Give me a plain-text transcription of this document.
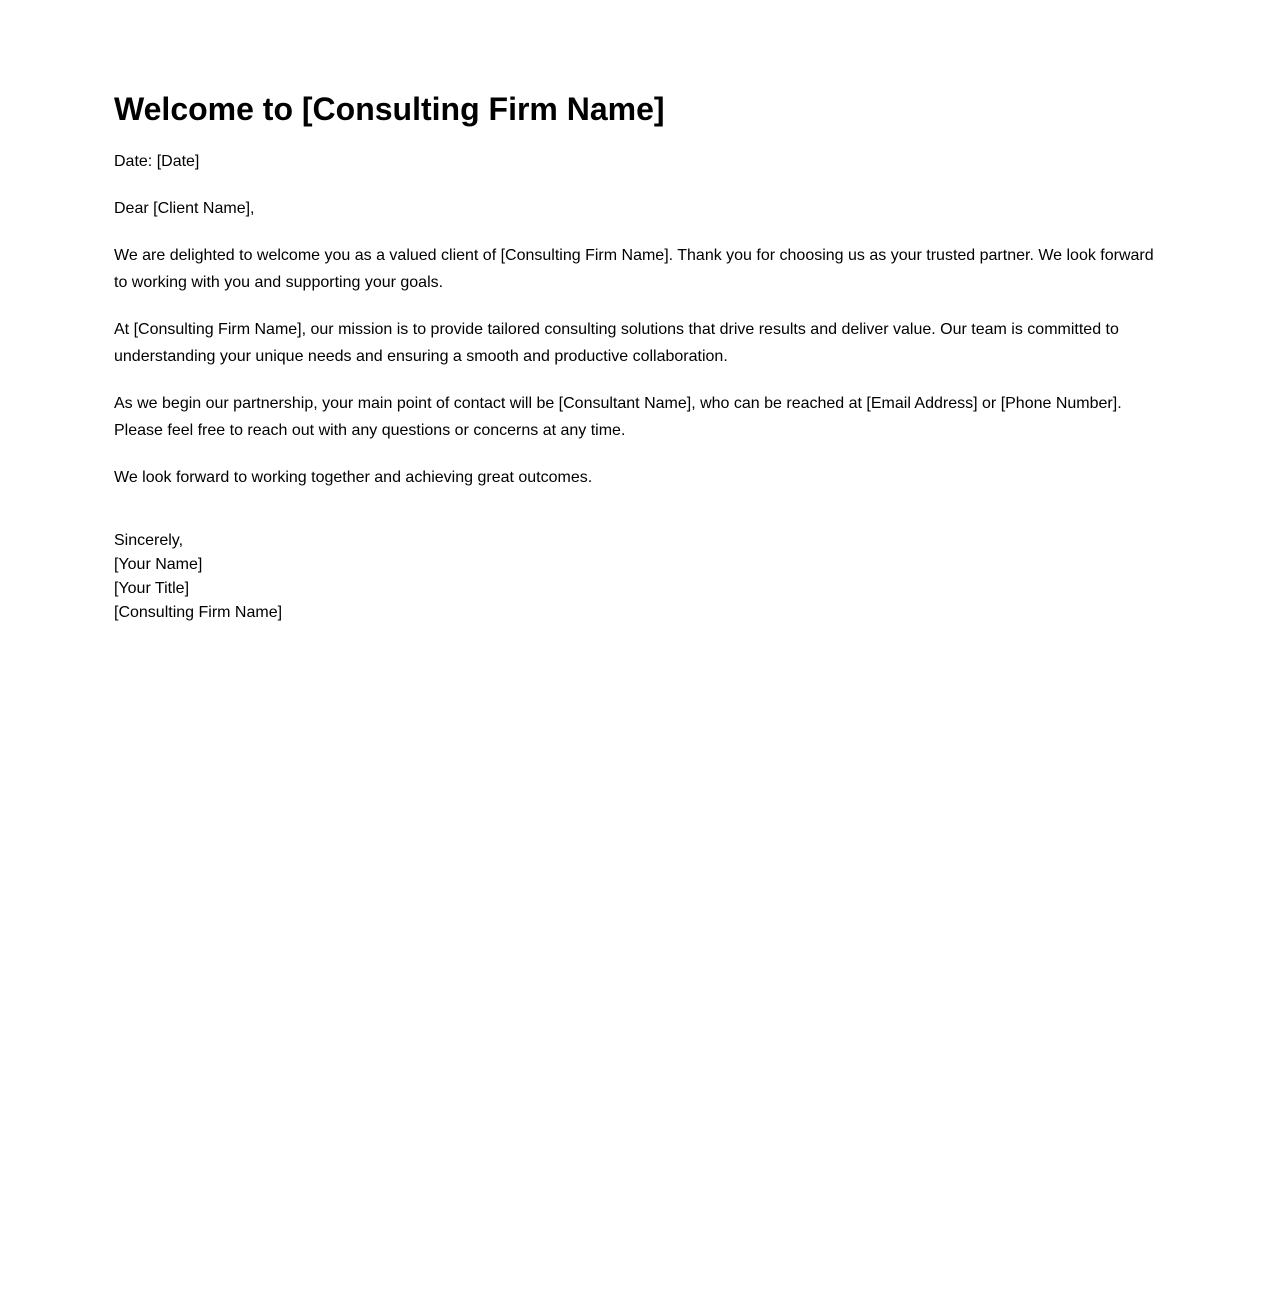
Welcome to [Consulting Firm Name]

Date: [Date]

Dear [Client Name],

We are delighted to welcome you as a valued client of [Consulting Firm Name]. Thank you for choosing us as your trusted partner. We look forward to working with you and supporting your goals.

At [Consulting Firm Name], our mission is to provide tailored consulting solutions that drive results and deliver value. Our team is committed to understanding your unique needs and ensuring a smooth and productive collaboration.

As we begin our partnership, your main point of contact will be [Consultant Name], who can be reached at [Email Address] or [Phone Number]. Please feel free to reach out with any questions or concerns at any time.

We look forward to working together and achieving great outcomes.

Sincerely,
[Your Name]
[Your Title]
[Consulting Firm Name]
